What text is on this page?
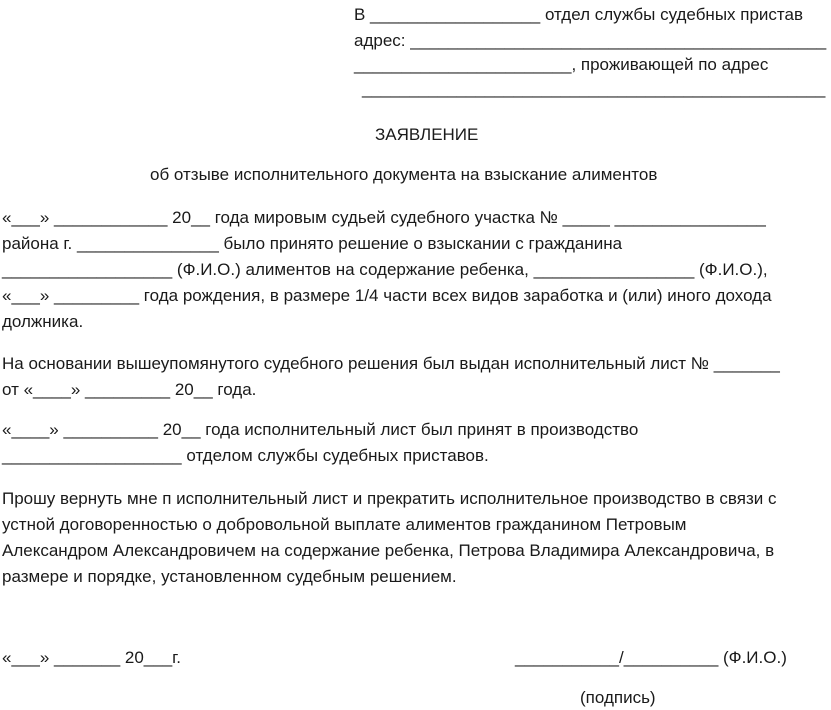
В __________________ отдел службы судебных пристав
адрес: ____________________________________________
_______________________, проживающей по адрес
_________________________________________________
ЗАЯВЛЕНИЕ
об отзыве исполнительного документа на взыскание алиментов
«___» ____________ 20__ года мировым судьей судебного участка № _____ ________________
района г. _______________ было принято решение о взыскании с гражданина
__________________ (Ф.И.О.) алиментов на содержание ребенка, _________________ (Ф.И.О.),
«___» _________ года рождения, в размере 1/4 части всех видов заработка и (или) иного дохода
должника.
На основании вышеупомянутого судебного решения был выдан исполнительный лист № _______
от «____» _________ 20__ года.
«____» __________ 20__ года исполнительный лист был принят в производство
___________________ отделом службы судебных приставов.
Прошу вернуть мне п исполнительный лист и прекратить исполнительное производство в связи с
устной договоренностью о добровольной выплате алиментов гражданином Петровым
Александром Александровичем на содержание ребенка, Петрова Владимира Александровича, в
размере и порядке, установленном судебным решением.
«___» _______ 20___г.	___________/__________ (Ф.И.О.)
(подпись)
